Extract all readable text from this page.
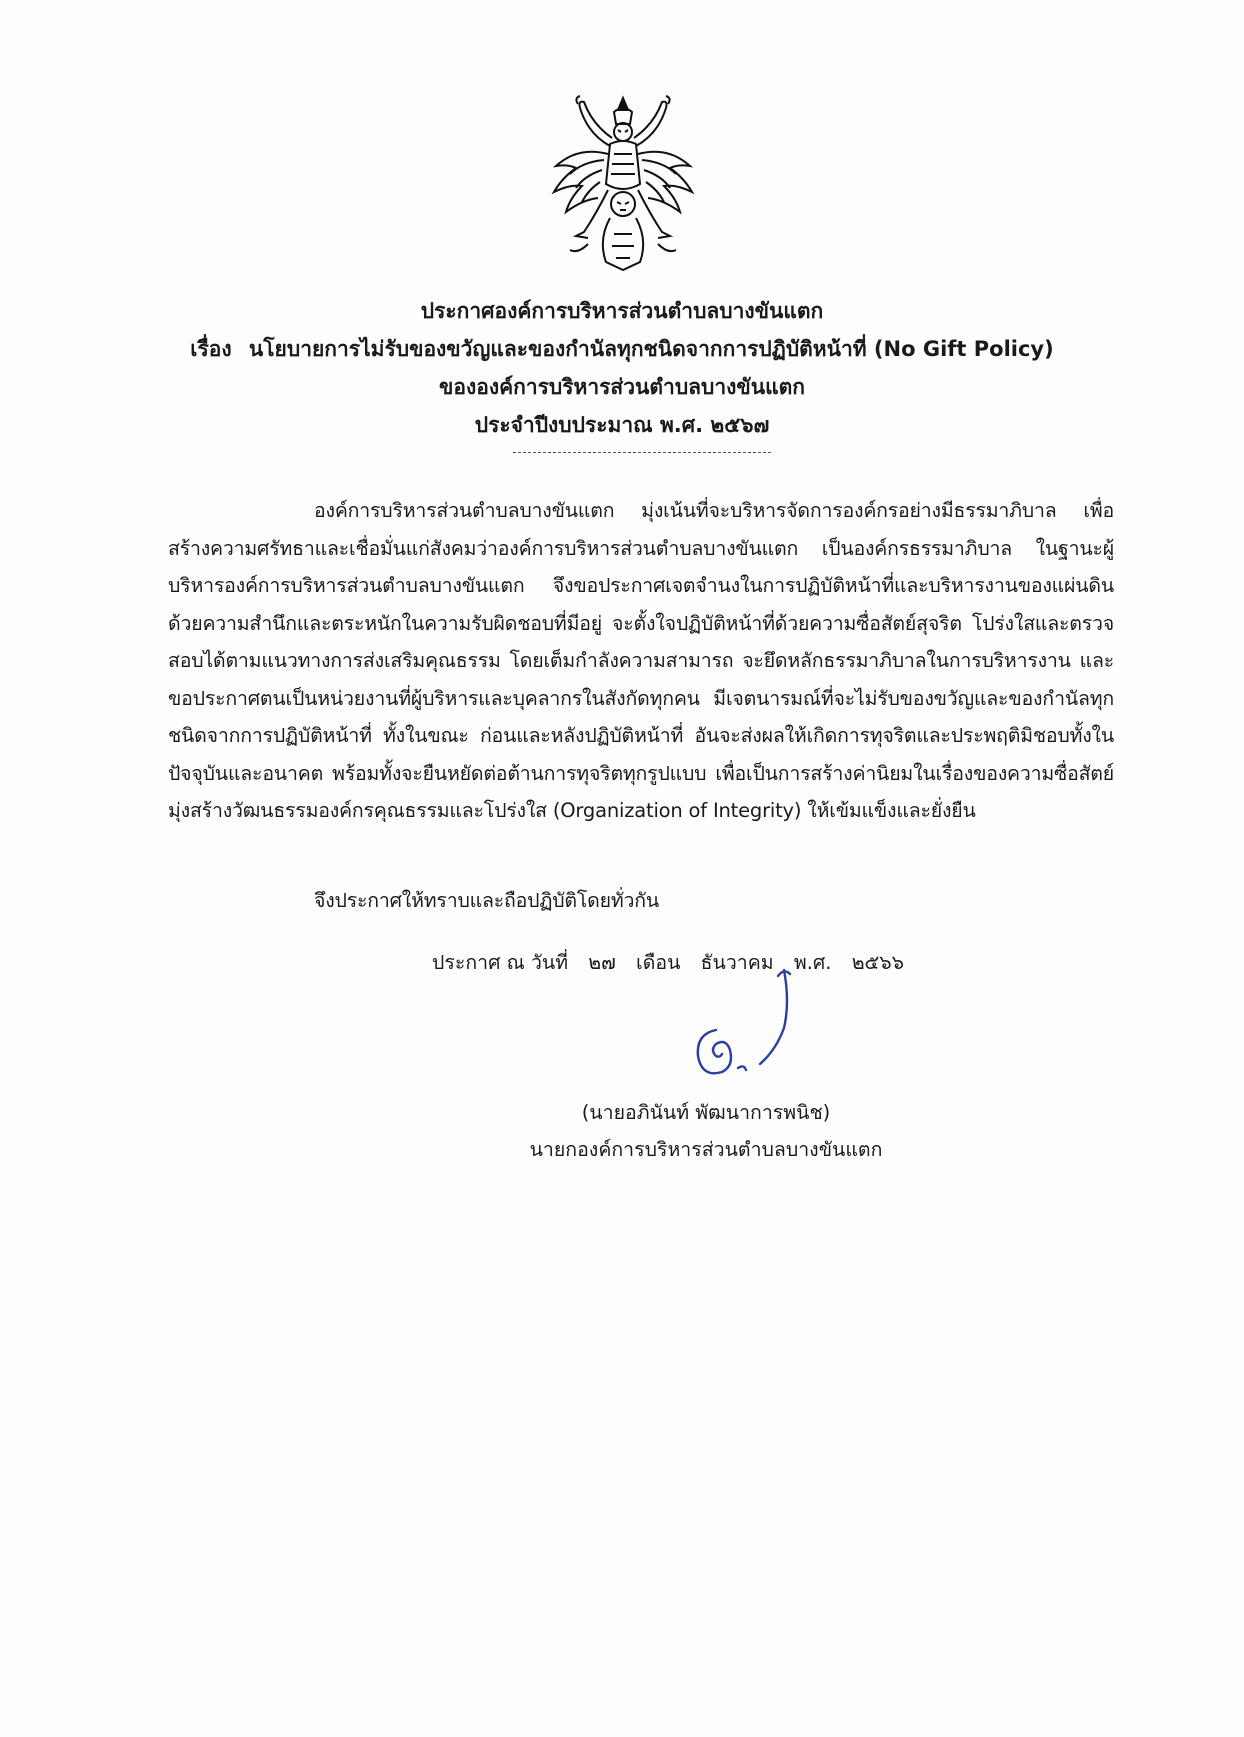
ประกาศองค์การบริหารส่วนตำบลบางขันแตก
เรื่อง นโยบายการไม่รับของขวัญและของกำนัลทุกชนิดจากการปฏิบัติหน้าที่ (No Gift Policy)
ขององค์การบริหารส่วนตำบลบางขันแตก
ประจำปีงบประมาณ พ.ศ. ๒๕๖๗
องค์การบริหารส่วนตำบลบางขันแตก มุ่งเน้นที่จะบริหารจัดการองค์กรอย่างมีธรรมาภิบาล เพื่อสร้างความศรัทธาและเชื่อมั่นแก่สังคมว่าองค์การบริหารส่วนตำบลบางขันแตก เป็นองค์กรธรรมาภิบาล ในฐานะผู้บริหารองค์การบริหารส่วนตำบลบางขันแตก จึงขอประกาศเจตจำนงในการปฏิบัติหน้าที่และบริหารงานของแผ่นดิน ด้วยความสำนึกและตระหนักในความรับผิดชอบที่มีอยู่ จะตั้งใจปฏิบัติหน้าที่ด้วยความซื่อสัตย์สุจริต โปร่งใสและตรวจสอบได้ตามแนวทางการส่งเสริมคุณธรรม โดยเต็มกำลังความสามารถ จะยึดหลักธรรมาภิบาลในการบริหารงาน และขอประกาศตนเป็นหน่วยงานที่ผู้บริหารและบุคลากรในสังกัดทุกคน มีเจตนารมณ์ที่จะไม่รับของขวัญและของกำนัลทุกชนิดจากการปฏิบัติหน้าที่ ทั้งในขณะ ก่อนและหลังปฏิบัติหน้าที่ อันจะส่งผลให้เกิดการทุจริตและประพฤติมิชอบทั้งในปัจจุบันและอนาคต พร้อมทั้งจะยืนหยัดต่อต้านการทุจริตทุกรูปแบบ เพื่อเป็นการสร้างค่านิยมในเรื่องของความซื่อสัตย์ มุ่งสร้างวัฒนธรรมองค์กรคุณธรรมและโปร่งใส (Organization of Integrity) ให้เข้มแข็งและยั่งยืน
จึงประกาศให้ทราบและถือปฏิบัติโดยทั่วกัน
ประกาศ ณ วันที่ ๒๗ เดือน ธันวาคม พ.ศ. ๒๕๖๖
(นายอภินันท์ พัฒนาการพนิช)
นายกองค์การบริหารส่วนตำบลบางขันแตก
